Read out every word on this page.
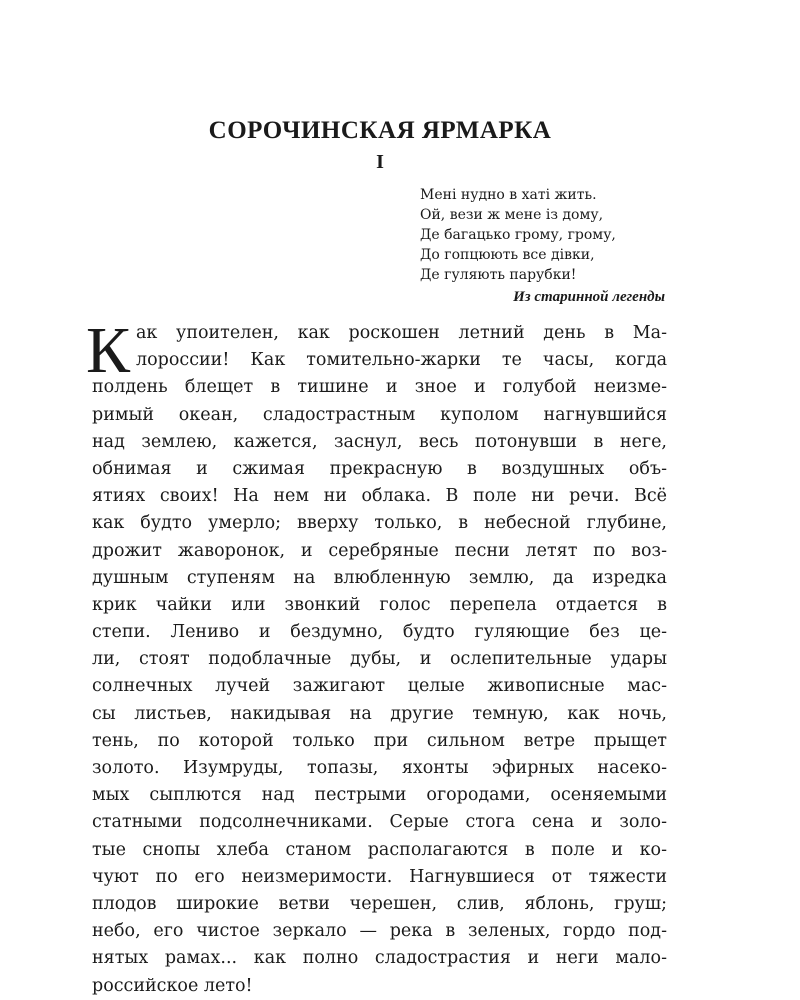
СОРОЧИНСКАЯ ЯРМАРКА
I
Менi нудно в хатi жить.
Ой, вези ж мене iз дому,
Де багацько грому, грому,
До гопцюють все дiвки,
Де гуляють парубки!
Из старинной легенды
К ак упоителен, как роскошен летний день в Ма-
лороссии! Как томительно-жарки те часы, когда
полдень блещет в тишине и зное и голубой неизме-
римый океан, сладострастным куполом нагнувшийся
над землею, кажется, заснул, весь потонувши в неге,
обнимая и сжимая прекрасную в воздушных объ-
ятиях своих! На нем ни облака. В поле ни речи. Всё
как будто умерло; вверху только, в небесной глубине,
дрожит жаворонок, и серебряные песни летят по воз-
душным ступеням на влюбленную землю, да изредка
крик чайки или звонкий голос перепела отдается в
степи. Лениво и бездумно, будто гуляющие без це-
ли, стоят подоблачные дубы, и ослепительные удары
солнечных лучей зажигают целые живописные мас-
сы листьев, накидывая на другие темную, как ночь,
тень, по которой только при сильном ветре прыщет
золото. Изумруды, топазы, яхонты эфирных насеко-
мых сыплются над пестрыми огородами, осеняемыми
статными подсолнечниками. Серые стога сена и золо-
тые снопы хлеба станом располагаются в поле и ко-
чуют по его неизмеримости. Нагнувшиеся от тяжести
плодов широкие ветви черешен, слив, яблонь, груш;
небо, его чистое зеркало — река в зеленых, гордо под-
нятых рамах... как полно сладострастия и неги мало-
российское лето!
